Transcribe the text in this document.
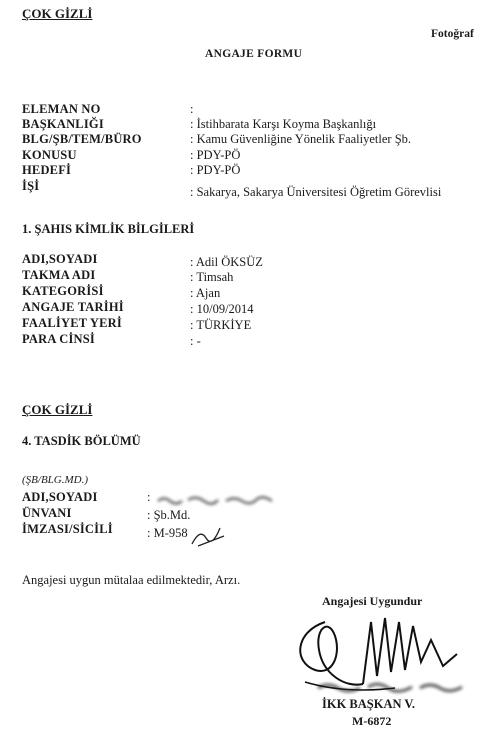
ÇOK GİZLİ
Fotoğraf
ANGAJE FORMU
ELEMAN NO	:
BAŞKANLIĞI	: İstihbarata Karşı Koyma Başkanlığı
BLG/ŞB/TEM/BÜRO	: Kamu Güvenliğine Yönelik Faaliyetler Şb.
KONUSU	: PDY-PÖ
HEDEFİ	: PDY-PÖ
İŞİ	: Sakarya, Sakarya Üniversitesi Öğretim Görevlisi
1. ŞAHIS KİMLİK BİLGİLERİ
ADI,SOYADI	: Adil ÖKSÜZ
TAKMA ADI	: Timsah
KATEGORİSİ	: Ajan
ANGAJE TARİHİ	: 10/09/2014
FAALİYET YERİ	: TÜRKİYE
PARA CİNSİ	: -
ÇOK GİZLİ
4. TASDİK BÖLÜMÜ
(ŞB/BLG.MD.)
ADI,SOYADI	:
ÜNVANI	: Şb.Md.
İMZASI/SİCİLİ	: M-958
Angajesi uygun mütalaa edilmektedir, Arzı.
Angajesi Uygundur
İKK BAŞKAN V.
M-6872
